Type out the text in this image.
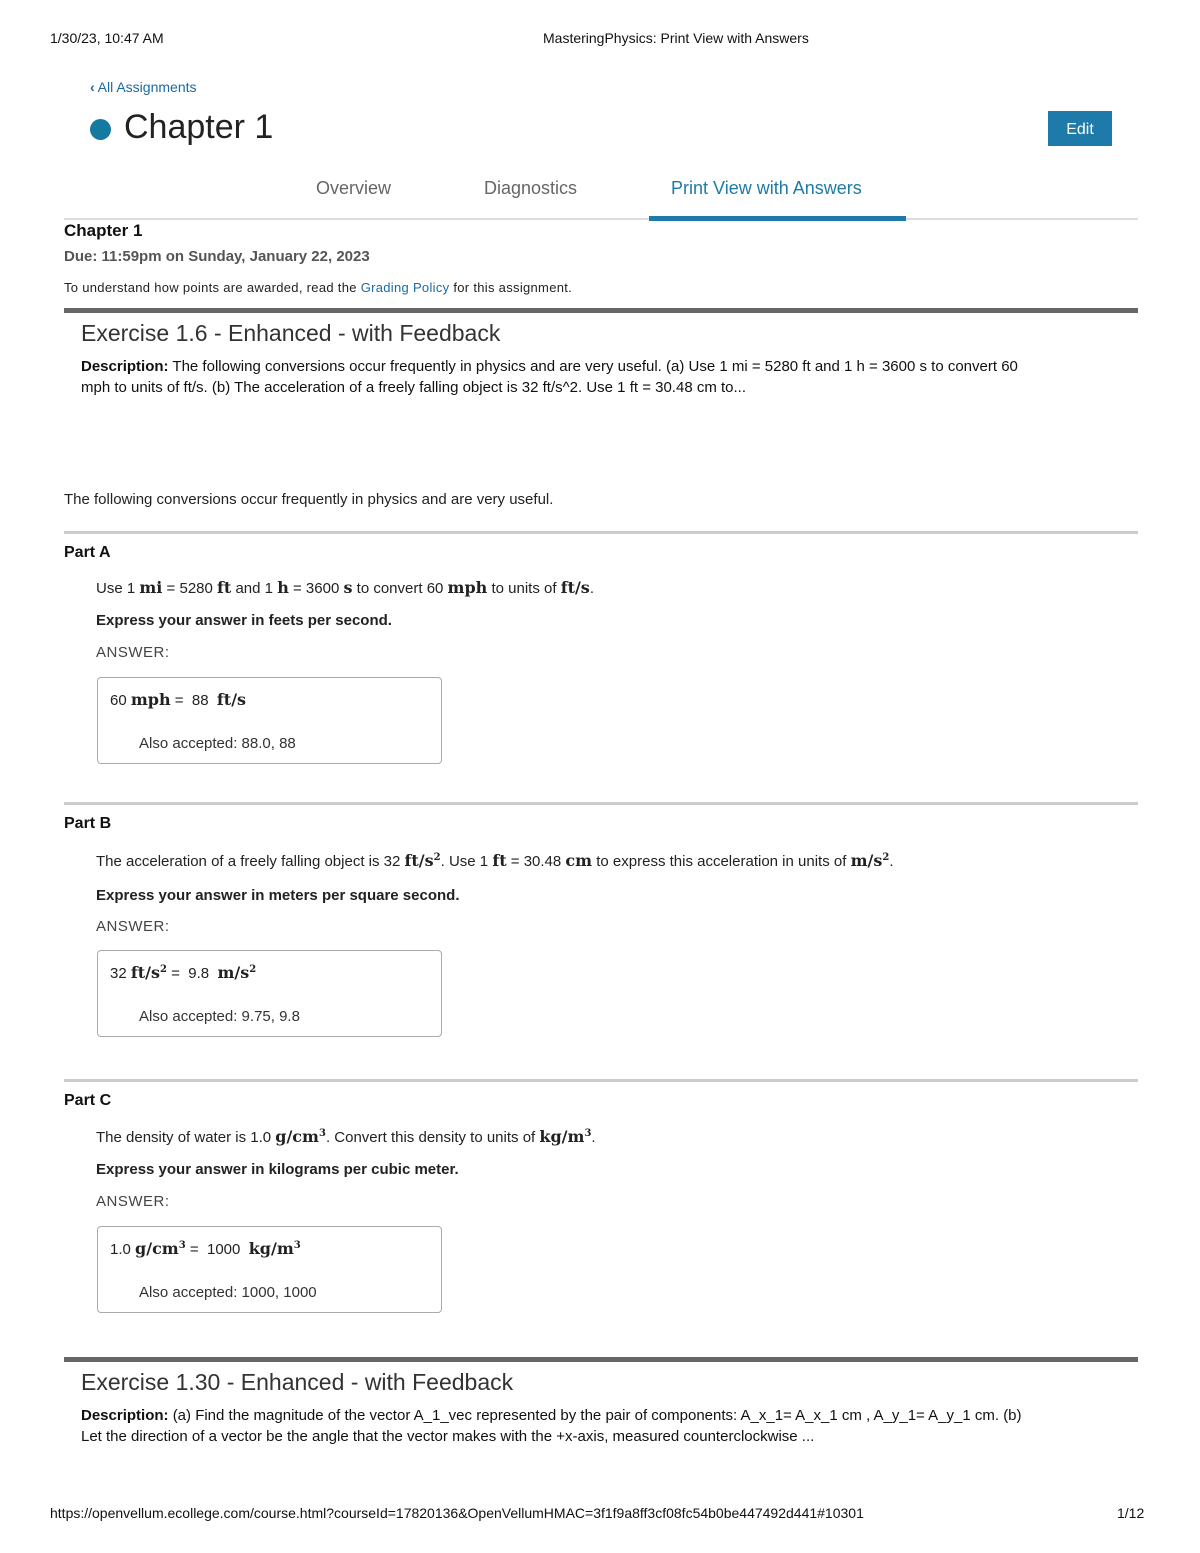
1/30/23, 10:47 AM	MasteringPhysics: Print View with Answers
‹ All Assignments
Chapter 1	Edit
Overview	Diagnostics	Print View with Answers
Chapter 1
Due: 11:59pm on Sunday, January 22, 2023
To understand how points are awarded, read the Grading Policy for this assignment.
Exercise 1.6 - Enhanced - with Feedback
Description: The following conversions occur frequently in physics and are very useful. (a) Use 1 mi = 5280 ft and 1 h = 3600 s to convert 60
mph to units of ft/s. (b) The acceleration of a freely falling object is 32 ft/s^2. Use 1 ft = 30.48 cm to...
The following conversions occur frequently in physics and are very useful.
Part A
Use 1 mi = 5280 ft and 1 h = 3600 s to convert 60 mph to units of ft/s.
Express your answer in feets per second.
ANSWER:
60 mph = 88 ft/s
Also accepted: 88.0, 88
Part B
The acceleration of a freely falling object is 32 $ft/s^2$. Use 1 ft = 30.48 cm to express this acceleration in units of $m/s^2$.
Express your answer in meters per square second.
ANSWER:
32 $ft/s^2 = 9.8$ $m/s^2$
Also accepted: 9.75, 9.8
Part C
The density of water is 1.0 $g/cm^3$. Convert this density to units of $kg/m^3$.
Express your answer in kilograms per cubic meter.
ANSWER:
1.0 $g/cm^3 = 1000$ $kg/m^3$
Also accepted: 1000, 1000
Exercise 1.30 - Enhanced - with Feedback
Description: (a) Find the magnitude of the vector A_1_vec represented by the pair of components: A_x_1= A_x_1 cm , A_y_1= A_y_1 cm. (b)
Let the direction of a vector be the angle that the vector makes with the +x-axis, measured counterclockwise ...
https://openvellum.ecollege.com/course.html?courseId=17820136&OpenVellumHMAC=3f1f9a8ff3cf08fc54b0be447492d441#10301	1/12
